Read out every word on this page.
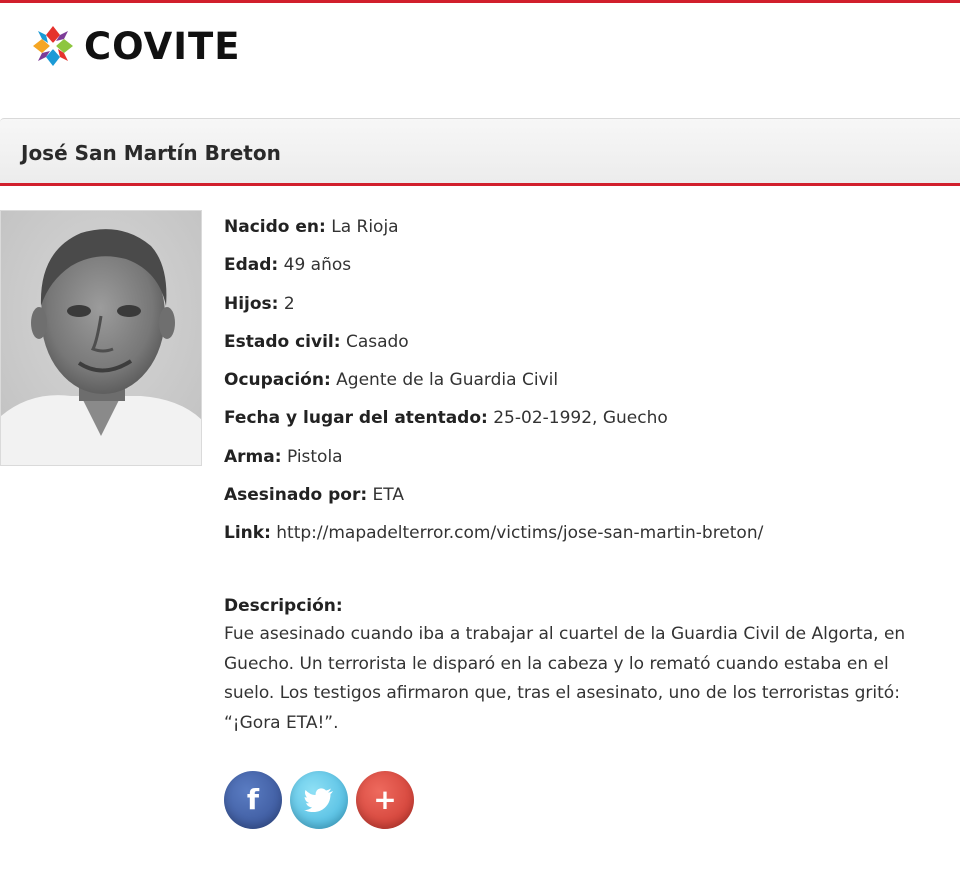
COVITE
José San Martín Breton
Nacido en: La Rioja
Edad: 49 años
Hijos: 2
Estado civil: Casado
Ocupación: Agente de la Guardia Civil
Fecha y lugar del atentado: 25-02-1992, Guecho
Arma: Pistola
Asesinado por: ETA
Link: http://mapadelterror.com/victims/jose-san-martin-breton/
Descripción:

Fue asesinado cuando iba a trabajar al cuartel de la Guardia Civil de Algorta, en Guecho. Un terrorista le disparó en la cabeza y lo remató cuando estaba en el suelo. Los testigos afirmaron que, tras el asesinato, uno de los terroristas gritó: “¡Gora ETA!”.

f	+
